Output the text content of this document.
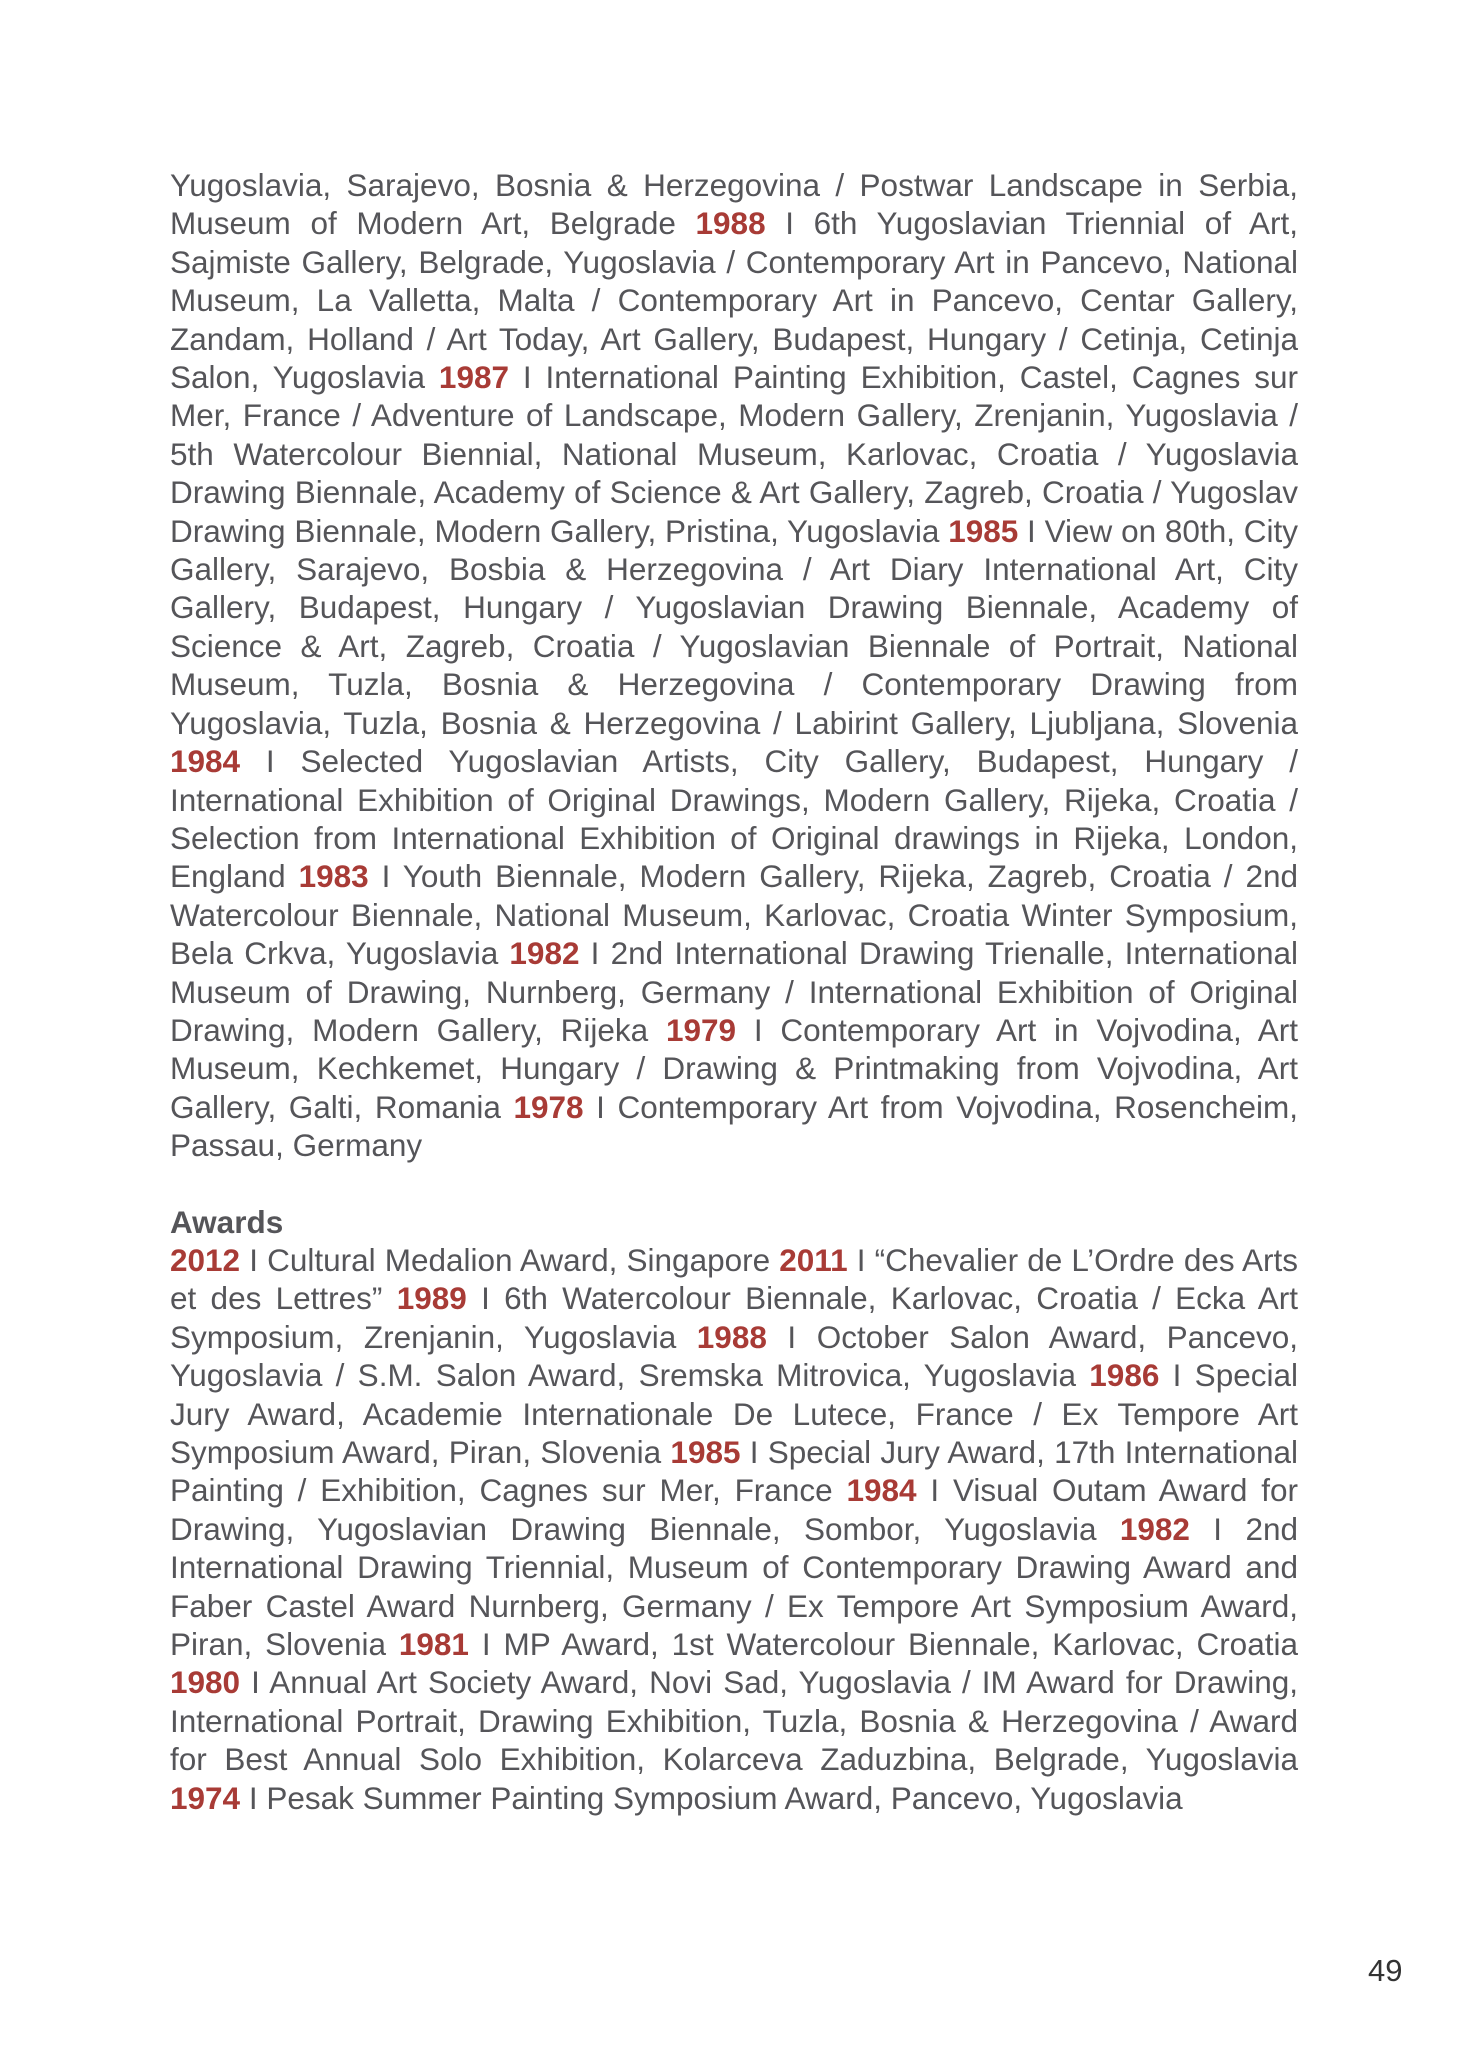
Yugoslavia, Sarajevo, Bosnia & Herzegovina / Postwar Landscape in Serbia, Museum of Modern Art, Belgrade 1988 I 6th Yugoslavian Triennial of Art, Sajmiste Gallery, Belgrade, Yugoslavia / Contemporary Art in Pancevo, National Museum, La Valletta, Malta / Contemporary Art in Pancevo, Centar Gallery, Zandam, Holland / Art Today, Art Gallery, Budapest, Hungary / Cetinja, Cetinja Salon, Yugoslavia 1987 I International Painting Exhibition, Castel, Cagnes sur Mer, France / Adventure of Landscape, Modern Gallery, Zrenjanin, Yugoslavia / 5th Watercolour Biennial, National Museum, Karlovac, Croatia / Yugoslavia Drawing Biennale, Academy of Science & Art Gallery, Zagreb, Croatia / Yugoslav Drawing Biennale, Modern Gallery, Pristina, Yugoslavia 1985 I View on 80th, City Gallery, Sarajevo, Bosbia & Herzegovina / Art Diary International Art, City Gallery, Budapest, Hungary / Yugoslavian Drawing Biennale, Academy of Science & Art, Zagreb, Croatia / Yugoslavian Biennale of Portrait, National Museum, Tuzla, Bosnia & Herzegovina / Contemporary Drawing from Yugoslavia, Tuzla, Bosnia & Herzegovina / Labirint Gallery, Ljubljana, Slovenia 1984 I Selected Yugoslavian Artists, City Gallery, Budapest, Hungary / International Exhibition of Original Drawings, Modern Gallery, Rijeka, Croatia / Selection from International Exhibition of Original drawings in Rijeka, London, England 1983 I Youth Biennale, Modern Gallery, Rijeka, Zagreb, Croatia / 2nd Watercolour Biennale, National Museum, Karlovac, Croatia Winter Symposium, Bela Crkva, Yugoslavia 1982 I 2nd International Drawing Trienalle, International Museum of Drawing, Nurnberg, Germany / International Exhibition of Original Drawing, Modern Gallery, Rijeka 1979 I Contemporary Art in Vojvodina, Art Museum, Kechkemet, Hungary / Drawing & Printmaking from Vojvodina, Art Gallery, Galti, Romania 1978 I Contemporary Art from Vojvodina, Rosencheim, Passau, Germany

Awards

2012 I Cultural Medalion Award, Singapore 2011 I “Chevalier de L’Ordre des Arts et des Lettres” 1989 I 6th Watercolour Biennale, Karlovac, Croatia / Ecka Art Symposium, Zrenjanin, Yugoslavia 1988 I October Salon Award, Pancevo, Yugoslavia / S.M. Salon Award, Sremska Mitrovica, Yugoslavia 1986 I Special Jury Award, Academie Internationale De Lutece, France / Ex Tempore Art Symposium Award, Piran, Slovenia 1985 I Special Jury Award, 17th International Painting / Exhibition, Cagnes sur Mer, France 1984 I Visual Outam Award for Drawing, Yugoslavian Drawing Biennale, Sombor, Yugoslavia 1982 I 2nd International Drawing Triennial, Museum of Contemporary Drawing Award and Faber Castel Award Nurnberg, Germany / Ex Tempore Art Symposium Award, Piran, Slovenia 1981 I MP Award, 1st Watercolour Biennale, Karlovac, Croatia 1980 I Annual Art Society Award, Novi Sad, Yugoslavia / IM Award for Drawing, International Portrait, Drawing Exhibition, Tuzla, Bosnia & Herzegovina / Award for Best Annual Solo Exhibition, Kolarceva Zaduzbina, Belgrade, Yugoslavia 1974 I Pesak Summer Painting Symposium Award, Pancevo, Yugoslavia

49
